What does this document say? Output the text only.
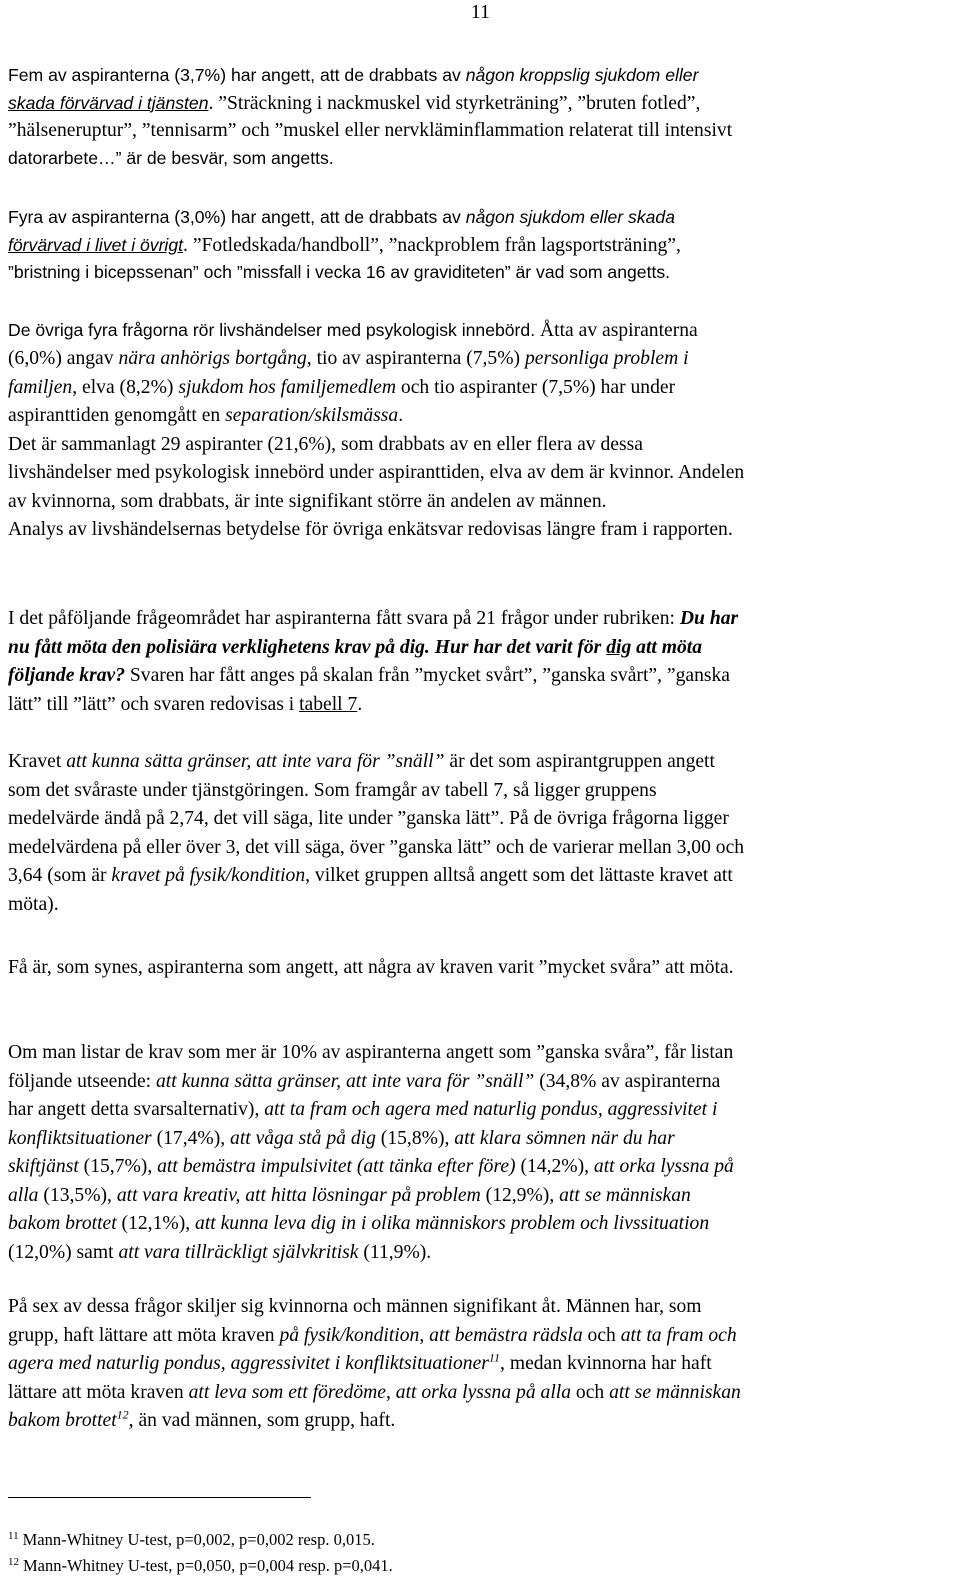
11

Fem av aspiranterna (3,7%) har angett, att de drabbats av någon kroppslig sjukdom eller
skada förvärvad i tjänsten. ”Sträckning i nackmuskel vid styrketräning”, ”bruten fotled”,
”hälseneruptur”, ”tennisarm” och ”muskel eller nervkläminflammation relaterat till intensivt
datorarbete…” är de besvär, som angetts.

Fyra av aspiranterna (3,0%) har angett, att de drabbats av någon sjukdom eller skada
förvärvad i livet i övrigt. ”Fotledskada/handboll”, ”nackproblem från lagsportsträning”,
”bristning i bicepssenan” och ”missfall i vecka 16 av graviditeten” är vad som angetts.

De övriga fyra frågorna rör livshändelser med psykologisk innebörd. Åtta av aspiranterna

(6,0%) angav nära anhörigs bortgång, tio av aspiranterna (7,5%) personliga problem i
familjen, elva (8,2%) sjukdom hos familjemedlem och tio aspiranter (7,5%) har under
aspiranttiden genomgått en separation/skilsmässa.
Det är sammanlagt 29 aspiranter (21,6%), som drabbats av en eller flera av dessa
livshändelser med psykologisk innebörd under aspiranttiden, elva av dem är kvinnor. Andelen
av kvinnorna, som drabbats, är inte signifikant större än andelen av männen.
Analys av livshändelsernas betydelse för övriga enkätsvar redovisas längre fram i rapporten.

I det påföljande frågeområdet har aspiranterna fått svara på 21 frågor under rubriken: Du har
nu fått möta den polisiära verklighetens krav på dig. Hur har det varit för dig att möta
följande krav? Svaren har fått anges på skalan från ”mycket svårt”, ”ganska svårt”, ”ganska
lätt” till ”lätt” och svaren redovisas i tabell 7.

Kravet att kunna sätta gränser, att inte vara för ”snäll” är det som aspirantgruppen angett
som det svåraste under tjänstgöringen. Som framgår av tabell 7, så ligger gruppens
medelvärde ändå på 2,74, det vill säga, lite under ”ganska lätt”. På de övriga frågorna ligger
medelvärdena på eller över 3, det vill säga, över ”ganska lätt” och de varierar mellan 3,00 och
3,64 (som är kravet på fysik/kondition, vilket gruppen alltså angett som det lättaste kravet att
möta).

Få är, som synes, aspiranterna som angett, att några av kraven varit ”mycket svåra” att möta.

Om man listar de krav som mer är 10% av aspiranterna angett som ”ganska svåra”, får listan
följande utseende: att kunna sätta gränser, att inte vara för ”snäll” (34,8% av aspiranterna
har angett detta svarsalternativ), att ta fram och agera med naturlig pondus, aggressivitet i
konfliktsituationer (17,4%), att våga stå på dig (15,8%), att klara sömnen när du har
skiftjänst (15,7%), att bemästra impulsivitet (att tänka efter före) (14,2%), att orka lyssna på
alla (13,5%), att vara kreativ, att hitta lösningar på problem (12,9%), att se människan
bakom brottet (12,1%), att kunna leva dig in i olika människors problem och livssituation
(12,0%) samt att vara tillräckligt självkritisk (11,9%).

På sex av dessa frågor skiljer sig kvinnorna och männen signifikant åt. Männen har, som
grupp, haft lättare att möta kraven på fysik/kondition, att bemästra rädsla och att ta fram och
agera med naturlig pondus, aggressivitet i konfliktsituationer$^{11}$, medan kvinnorna har haft
lättare att möta kraven att leva som ett föredöme, att orka lyssna på alla och att se människan
bakom brottet$^{12}$, än vad männen, som grupp, haft.

$^{11}$ Mann-Whitney U-test, p=0,002, p=0,002 resp. 0,015.
$^{12}$ Mann-Whitney U-test, p=0,050, p=0,004 resp. p=0,041.
